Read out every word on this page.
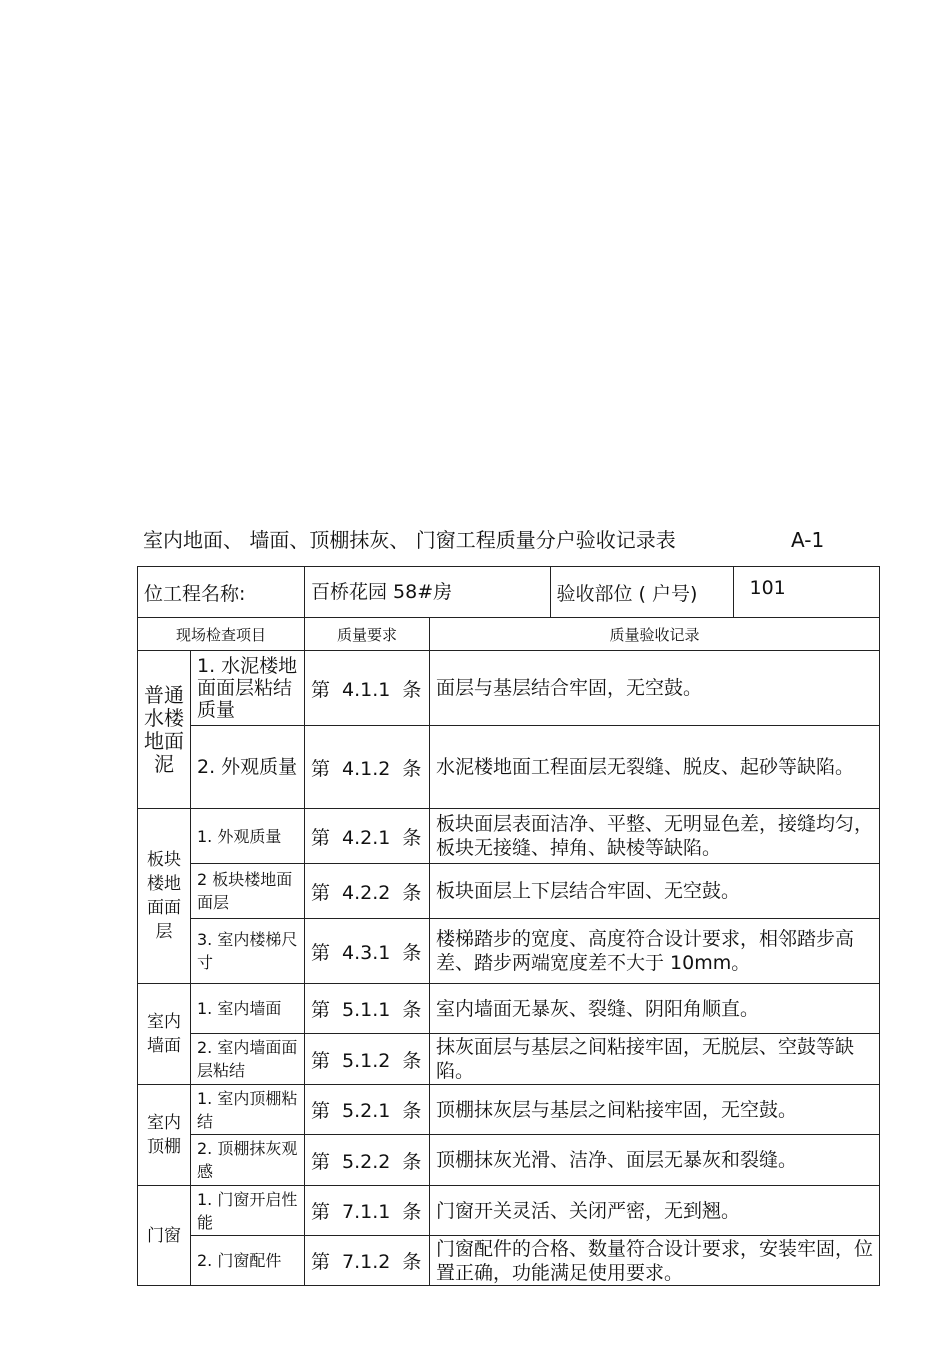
室内地面、 墙面、顶棚抹灰、 门窗工程质量分户验收记录表	A-1
位工程名称:		百桥花园 58#房	验收部位 ( 户号)	101

现场检查项目	质量要求	质量验收记录
普通水楼地面泥	1. 水泥楼地面面层粘结质量	第 4.1.1 条	面层与基层结合牢固，无空鼓。
2. 外观质量	第 4.1.2 条	水泥楼地面工程面层无裂缝、脱皮、起砂等缺陷。
板块楼地面面层	1. 外观质量	第 4.2.1 条	板块面层表面洁净、平整、无明显色差，接缝均匀，板块无接缝、掉角、缺棱等缺陷。
2 板块楼地面面层	第 4.2.2 条	板块面层上下层结合牢固、无空鼓。
3. 室内楼梯尺寸	第 4.3.1 条	楼梯踏步的宽度、高度符合设计要求，相邻踏步高差、踏步两端宽度差不大于 10mm。
室内墙面	1. 室内墙面	第 5.1.1 条	室内墙面无暴灰、裂缝、阴阳角顺直。
2. 室内墙面面层粘结	第 5.1.2 条	抹灰面层与基层之间粘接牢固，无脱层、空鼓等缺陷。
室内顶棚	1. 室内顶棚粘结	第 5.2.1 条	顶棚抹灰层与基层之间粘接牢固，无空鼓。
2. 顶棚抹灰观感	第 5.2.2 条	顶棚抹灰光滑、洁净、面层无暴灰和裂缝。
门窗	1. 门窗开启性能	第 7.1.1 条	门窗开关灵活、关闭严密，无到翘。
2. 门窗配件	第 7.1.2 条	门窗配件的合格、数量符合设计要求，安装牢固，位置正确，功能满足使用要求。
